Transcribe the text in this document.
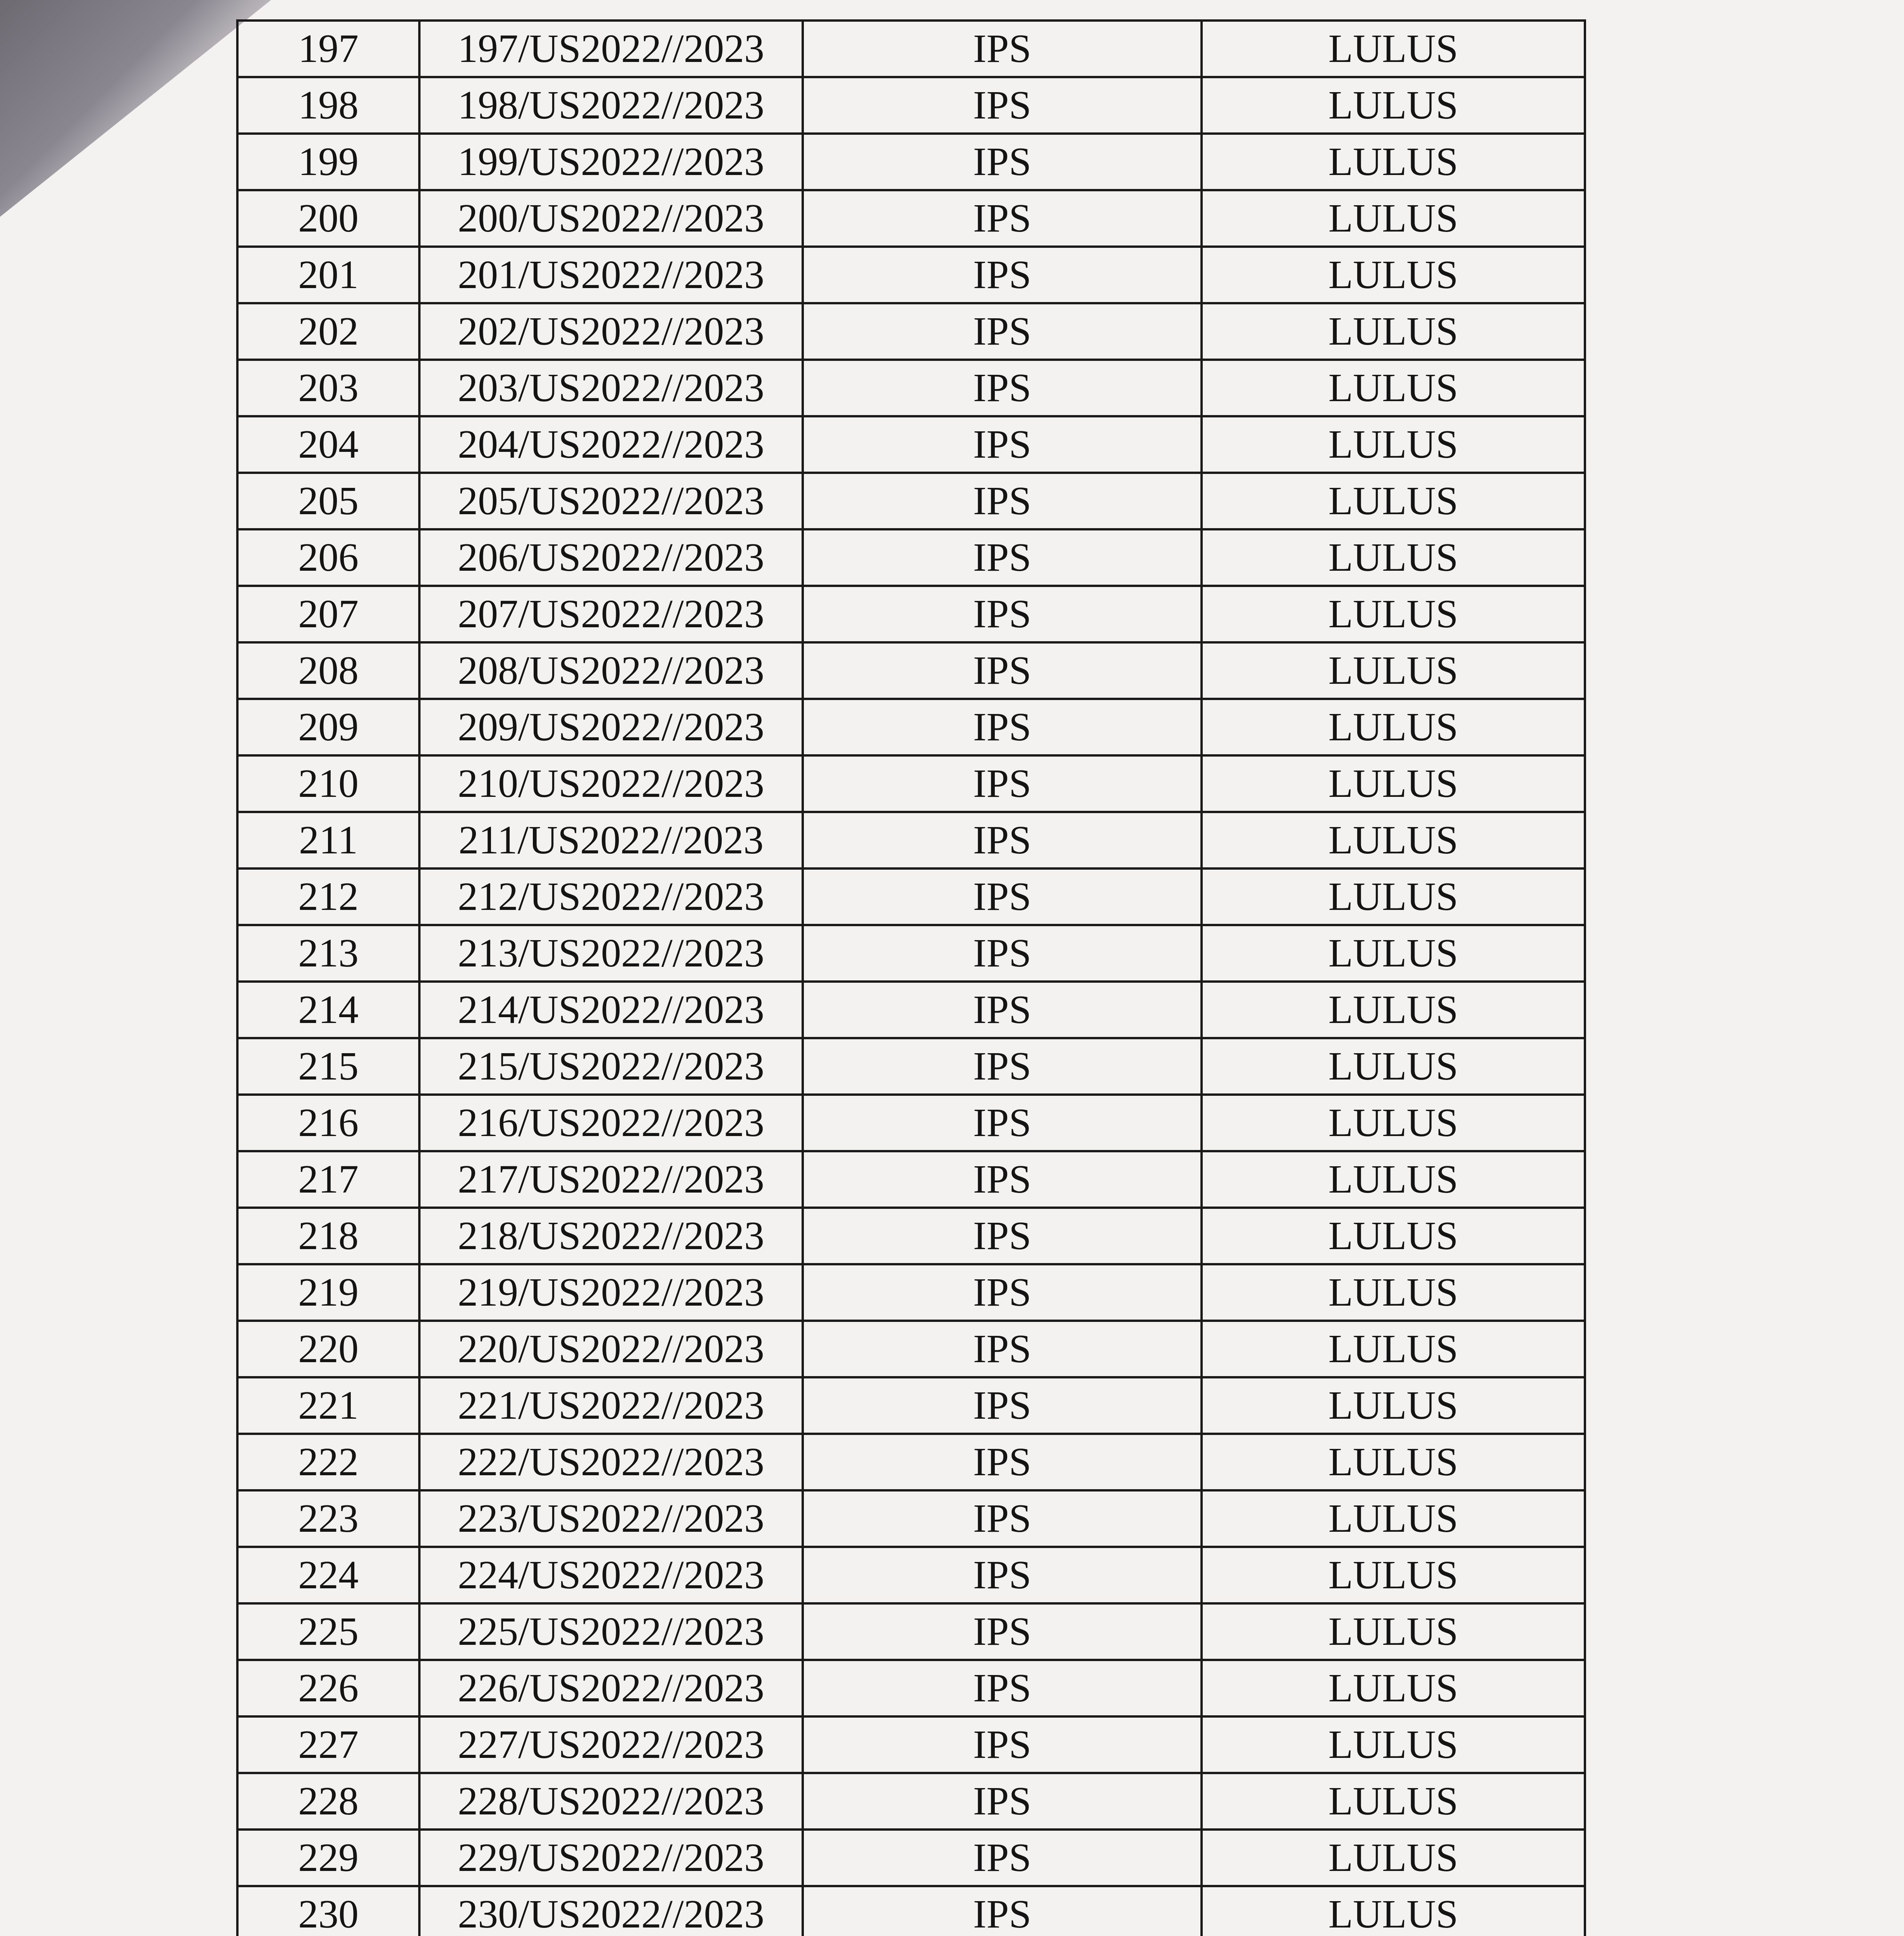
197	197/US2022//2023	IPS	LULUS
198	198/US2022//2023	IPS	LULUS
199	199/US2022//2023	IPS	LULUS
200	200/US2022//2023	IPS	LULUS
201	201/US2022//2023	IPS	LULUS
202	202/US2022//2023	IPS	LULUS
203	203/US2022//2023	IPS	LULUS
204	204/US2022//2023	IPS	LULUS
205	205/US2022//2023	IPS	LULUS
206	206/US2022//2023	IPS	LULUS
207	207/US2022//2023	IPS	LULUS
208	208/US2022//2023	IPS	LULUS
209	209/US2022//2023	IPS	LULUS
210	210/US2022//2023	IPS	LULUS
211	211/US2022//2023	IPS	LULUS
212	212/US2022//2023	IPS	LULUS
213	213/US2022//2023	IPS	LULUS
214	214/US2022//2023	IPS	LULUS
215	215/US2022//2023	IPS	LULUS
216	216/US2022//2023	IPS	LULUS
217	217/US2022//2023	IPS	LULUS
218	218/US2022//2023	IPS	LULUS
219	219/US2022//2023	IPS	LULUS
220	220/US2022//2023	IPS	LULUS
221	221/US2022//2023	IPS	LULUS
222	222/US2022//2023	IPS	LULUS
223	223/US2022//2023	IPS	LULUS
224	224/US2022//2023	IPS	LULUS
225	225/US2022//2023	IPS	LULUS
226	226/US2022//2023	IPS	LULUS
227	227/US2022//2023	IPS	LULUS
228	228/US2022//2023	IPS	LULUS
229	229/US2022//2023	IPS	LULUS
230	230/US2022//2023	IPS	LULUS
